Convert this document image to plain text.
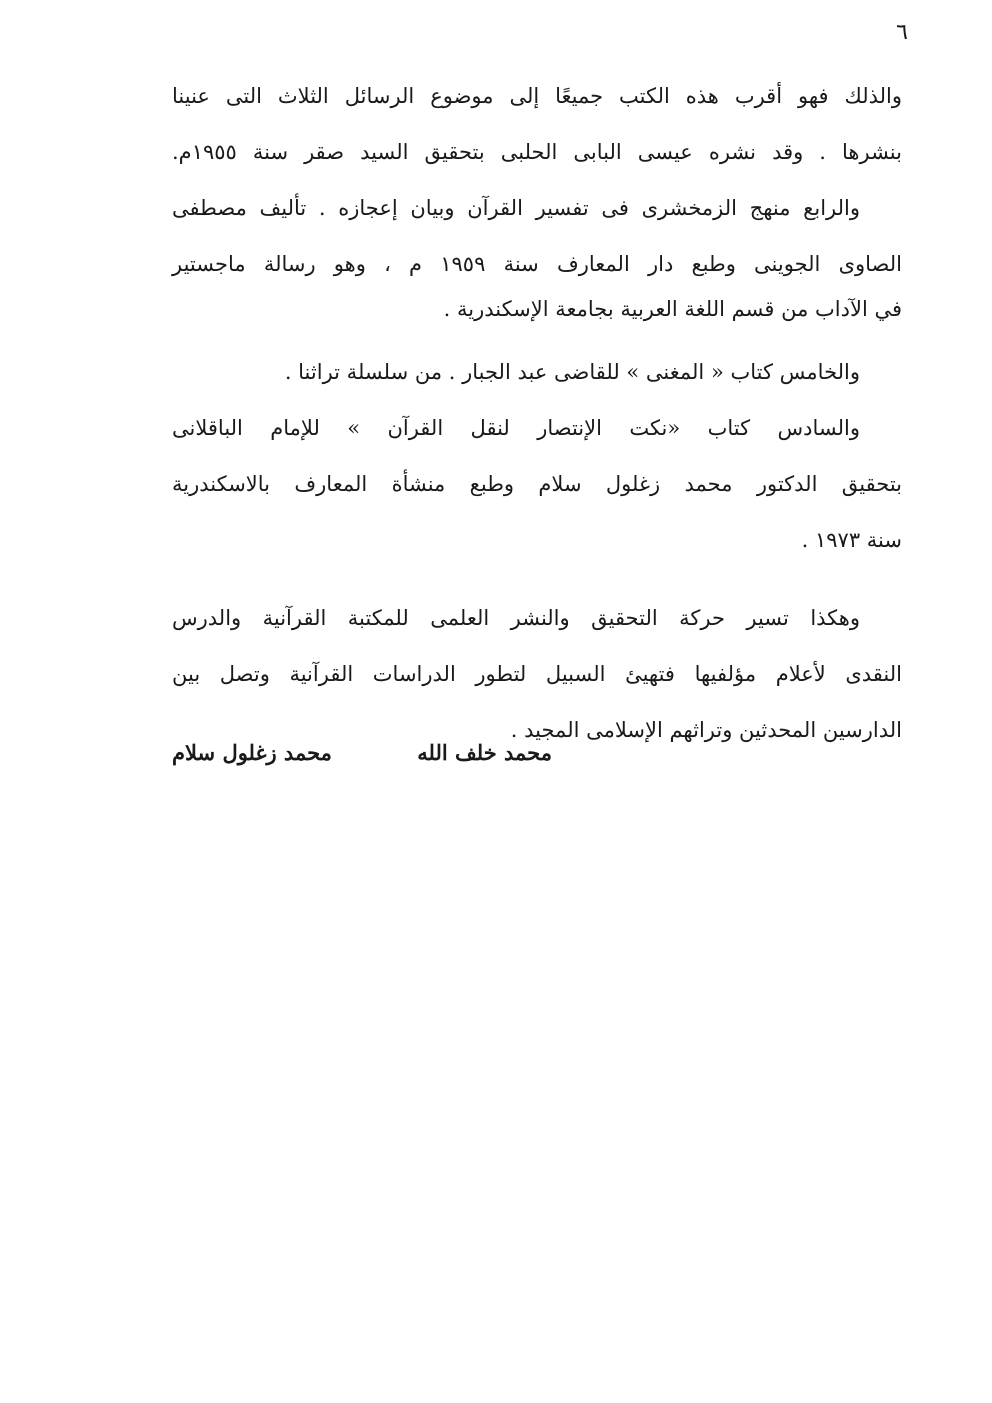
٦
والذلك فهو أقرب هذه الكتب جميعًا إلى موضوع الرسائل الثلاث التى عنينا
بنشرها . وقد نشره عيسى البابى الحلبى بتحقيق السيد صقر سنة ١٩٥٥م.
والرابع منهج الزمخشرى فى تفسير القرآن وبيان إعجازه . تأليف مصطفى
الصاوى الجوينى وطبع دار المعارف سنة ١٩٥٩ م ، وهو رسالة ماجستير
في الآداب من قسم اللغة العربية بجامعة الإسكندرية .
والخامس كتاب « المغنى » للقاضى عبد الجبار . من سلسلة تراثنا .
والسادس كتاب «نكت الإنتصار لنقل القرآن » للإمام الباقلانى
بتحقيق الدكتور محمد زغلول سلام وطبع منشأة المعارف بالاسكندرية
سنة ١٩٧٣ .
وهكذا تسير حركة التحقيق والنشر العلمى للمكتبة القرآنية والدرس
النقدى لأعلام مؤلفيها فتهيئ السبيل لتطور الدراسات القرآنية وتصل بين
الدارسين المحدثين وتراثهم الإسلامى المجيد .
محمد خلف الله
محمد زغلول سلام
